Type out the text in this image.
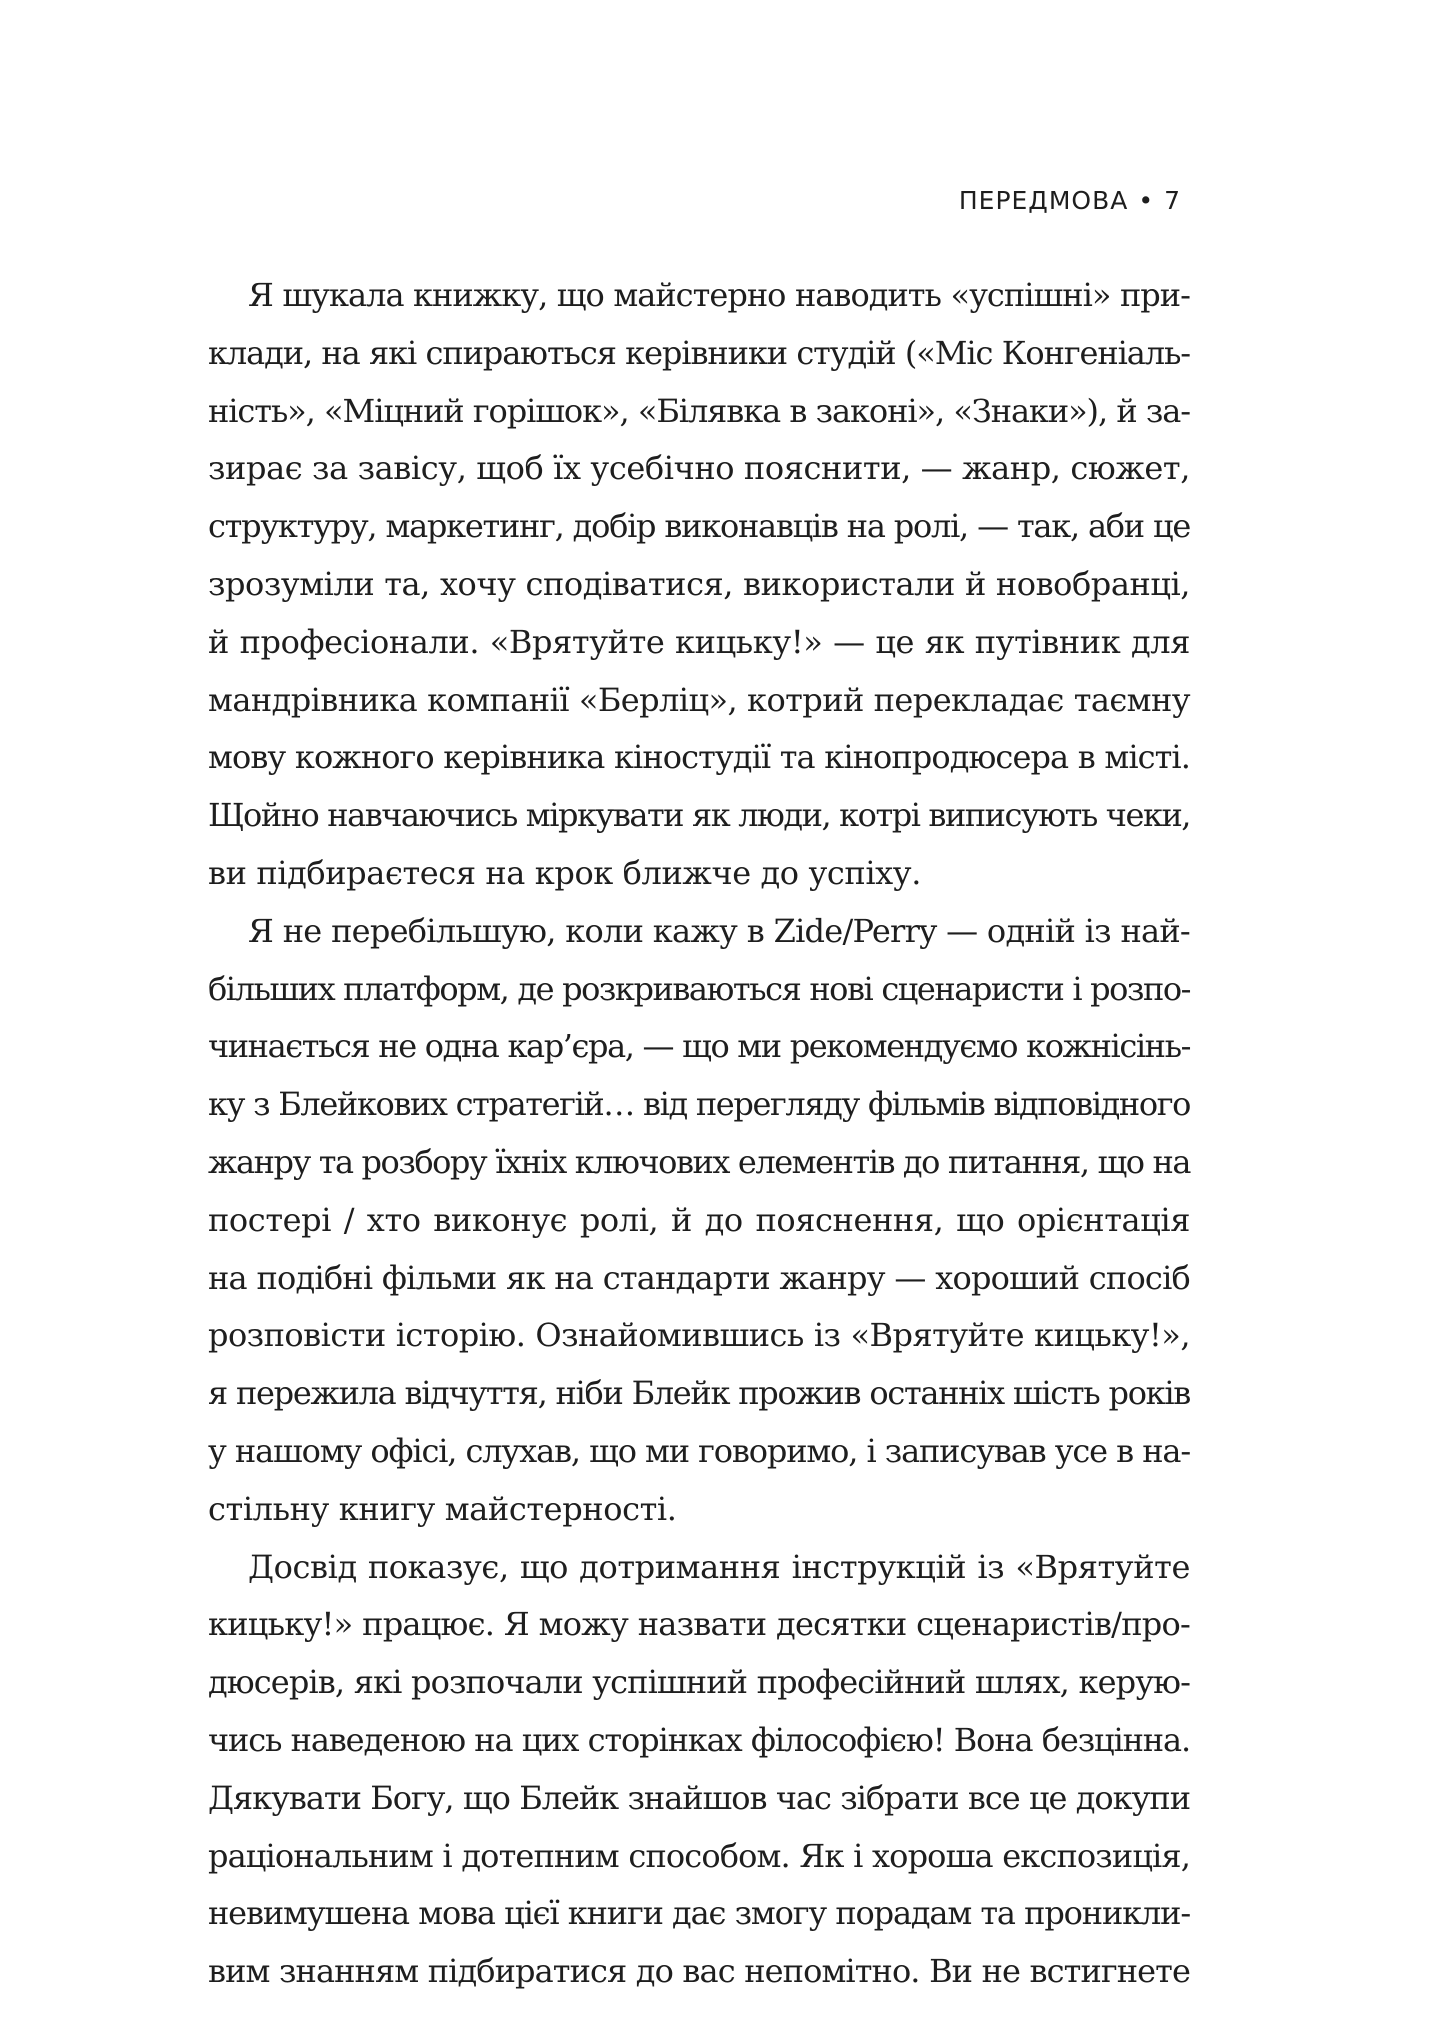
ПЕРЕДМОВА • 7
Я шукала книжку, що майстерно наводить «успішні» при-
клади, на які спираються керівники студій («Міс Конгеніаль-
ність», «Міцний горішок», «Білявка в законі», «Знаки»), й за-
зирає за завісу, щоб їх усебічно пояснити, — жанр, сюжет,
структуру, маркетинг, добір виконавців на ролі, — так, аби це
зрозуміли та, хочу сподіватися, використали й новобранці,
й професіонали. «Врятуйте кицьку!» — це як путівник для
мандрівника компанії «Берліц», котрий перекладає таємну
мову кожного керівника кіностудії та кінопродюсера в місті.
Щойно навчаючись міркувати як люди, котрі виписують чеки,
ви підбираєтеся на крок ближче до успіху.
Я не перебільшую, коли кажу в Zide/Perry — одній із най-
більших платформ, де розкриваються нові сценаристи і розпо-
чинається не одна кар’єра, — що ми рекомендуємо кожнісінь-
ку з Блейкових стратегій… від перегляду фільмів відповідного
жанру та розбору їхніх ключових елементів до питання, що на
постері / хто виконує ролі, й до пояснення, що орієнтація
на подібні фільми як на стандарти жанру — хороший спосіб
розповісти історію. Ознайомившись із «Врятуйте кицьку!»,
я пережила відчуття, ніби Блейк прожив останніх шість років
у нашому офісі, слухав, що ми говоримо, і записував усе в на-
стільну книгу майстерності.
Досвід показує, що дотримання інструкцій із «Врятуйте
кицьку!» працює. Я можу назвати десятки сценаристів/про-
дюсерів, які розпочали успішний професійний шлях, керую-
чись наведеною на цих сторінках філософією! Вона безцінна.
Дякувати Богу, що Блейк знайшов час зібрати все це докупи
раціональним і дотепним способом. Як і хороша експозиція,
невимушена мова цієї книги дає змогу порадам та проникли-
вим знанням підбиратися до вас непомітно. Ви не встигнете
